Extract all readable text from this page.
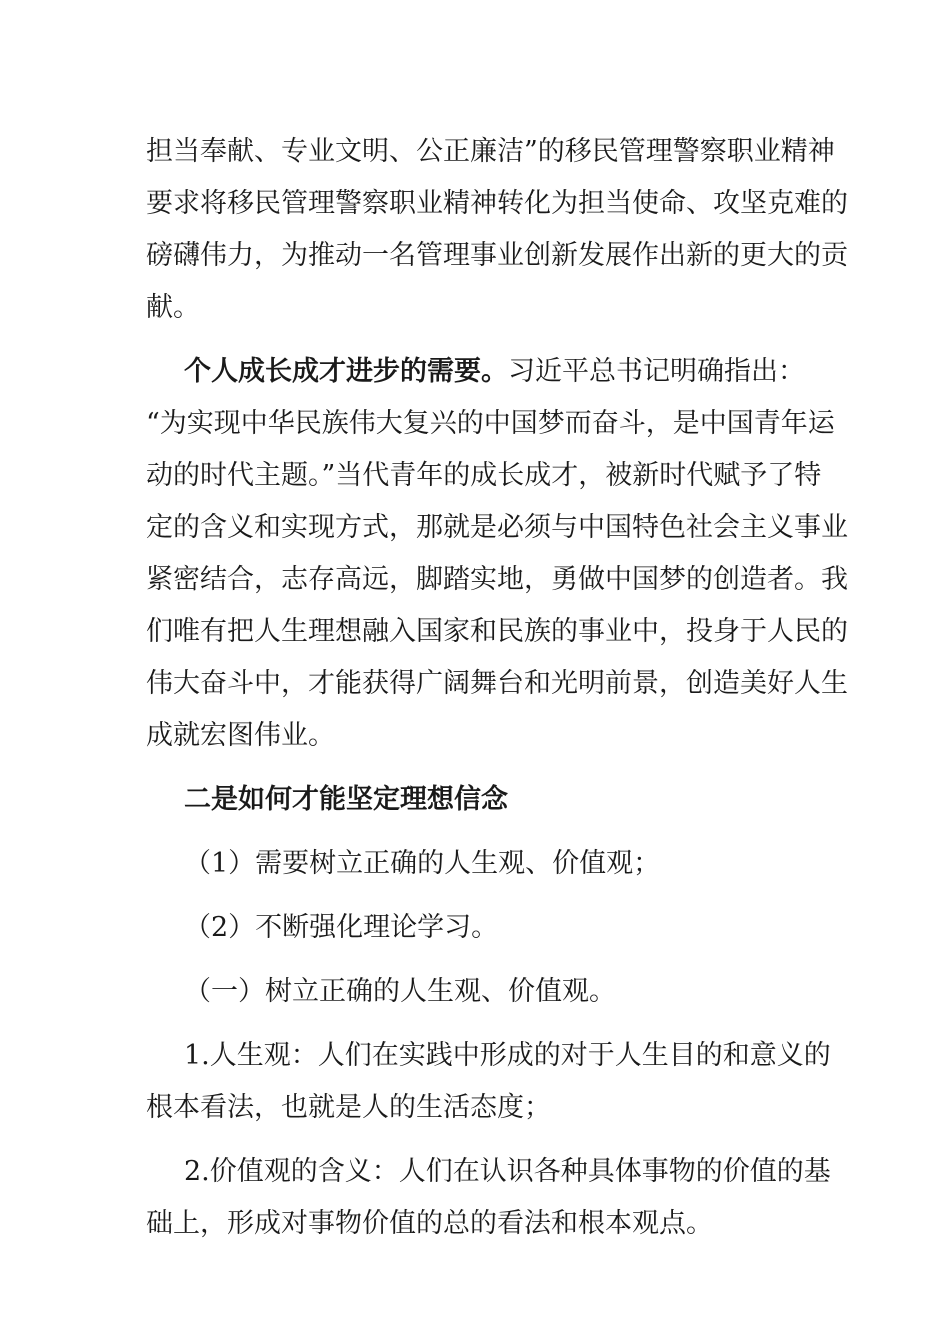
担当奉献、专业文明、公正廉洁”的移民管理警察职业精神
要求将移民管理警察职业精神转化为担当使命、攻坚克难的
磅礴伟力，为推动一名管理事业创新发展作出新的更大的贡
献。
个人成长成才进步的需要。习近平总书记明确指出：
“为实现中华民族伟大复兴的中国梦而奋斗，是中国青年运
动的时代主题。”当代青年的成长成才，被新时代赋予了特
定的含义和实现方式，那就是必须与中国特色社会主义事业
紧密结合，志存高远，脚踏实地，勇做中国梦的创造者。我
们唯有把人生理想融入国家和民族的事业中，投身于人民的
伟大奋斗中，才能获得广阔舞台和光明前景，创造美好人生
成就宏图伟业。
二是如何才能坚定理想信念
（1）需要树立正确的人生观、价值观；
（2）不断强化理论学习。
（一）树立正确的人生观、价值观。
1.人生观：人们在实践中形成的对于人生目的和意义的
根本看法，也就是人的生活态度；
2.价值观的含义：人们在认识各种具体事物的价值的基
础上，形成对事物价值的总的看法和根本观点。
